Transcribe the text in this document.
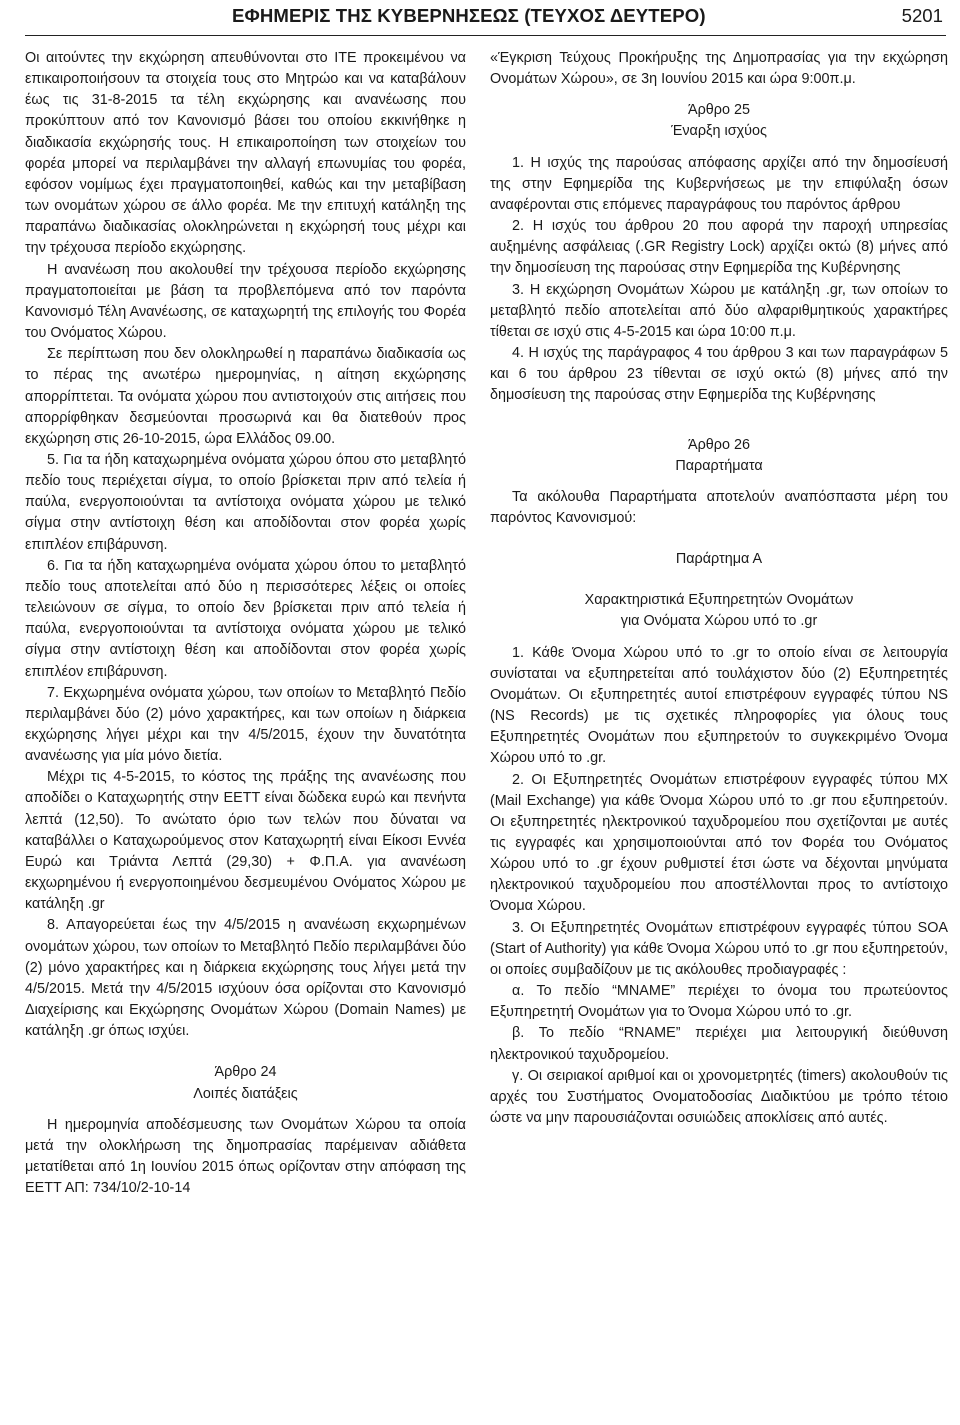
ΕΦΗΜΕΡΙΣ ΤΗΣ ΚΥΒΕΡΝΗΣΕΩΣ (ΤΕΥΧΟΣ ΔΕΥΤΕΡΟ)	5201

Οι αιτούντες την εκχώρηση απευθύνονται στο ΙΤΕ προκειμένου να επικαιροποιήσουν τα στοιχεία τους στο Μητρώο και να καταβάλουν έως τις 31-8-2015 τα τέλη εκχώρησης και ανανέωσης που προκύπτουν από τον Κανονισμό βάσει του οποίου εκκινήθηκε η διαδικασία εκχώρησής τους. Η επικαιροποίηση των στοιχείων του φορέα μπορεί να περιλαμβάνει την αλλαγή επωνυμίας του φορέα, εφόσον νομίμως έχει πραγματοποιηθεί, καθώς και την μεταβίβαση των ονομάτων χώρου σε άλλο φορέα. Με την επιτυχή κατάληξη της παραπάνω διαδικασίας ολοκληρώνεται η εκχώρησή τους μέχρι και την τρέχουσα περίοδο εκχώρησης.

Η ανανέωση που ακολουθεί την τρέχουσα περίοδο εκχώρησης πραγματοποιείται με βάση τα προβλεπόμενα από τον παρόντα Κανονισμό Τέλη Ανανέωσης, σε καταχωρητή της επιλογής του Φορέα του Ονόματος Χώρου.

Σε περίπτωση που δεν ολοκληρωθεί η παραπάνω διαδικασία ως το πέρας της ανωτέρω ημερομηνίας, η αίτηση εκχώρησης απορρίπτεται. Τα ονόματα χώρου που αντιστοιχούν στις αιτήσεις που απορρίφθηκαν δεσμεύονται προσωρινά και θα διατεθούν προς εκχώρηση στις 26-10-2015, ώρα Ελλάδος 09.00.

5. Για τα ήδη καταχωρημένα ονόματα χώρου όπου στο μεταβλητό πεδίο τους περιέχεται σίγμα, το οποίο βρίσκεται πριν από τελεία ή παύλα, ενεργοποιούνται τα αντίστοιχα ονόματα χώρου με τελικό σίγμα στην αντίστοιχη θέση και αποδίδονται στον φορέα χωρίς επιπλέον επιβάρυνση.

6. Για τα ήδη καταχωρημένα ονόματα χώρου όπου το μεταβλητό πεδίο τους αποτελείται από δύο η περισσότερες λέξεις οι οποίες τελειώνουν σε σίγμα, το οποίο δεν βρίσκεται πριν από τελεία ή παύλα, ενεργοποιούνται τα αντίστοιχα ονόματα χώρου με τελικό σίγμα στην αντίστοιχη θέση και αποδίδονται στον φορέα χωρίς επιπλέον επιβάρυνση.

7. Εκχωρημένα ονόματα χώρου, των οποίων το Μεταβλητό Πεδίο περιλαμβάνει δύο (2) μόνο χαρακτήρες, και των οποίων η διάρκεια εκχώρησης λήγει μέχρι και την 4/5/2015, έχουν την δυνατότητα ανανέωσης για μία μόνο διετία.

Μέχρι τις 4-5-2015, το κόστος της πράξης της ανανέωσης που αποδίδει ο Καταχωρητής στην ΕΕΤΤ είναι δώδεκα ευρώ και πενήντα λεπτά (12,50). Το ανώτατο όριο των τελών που δύναται να καταβάλλει ο Καταχωρούμενος στον Καταχωρητή είναι Είκοσι Εννέα Ευρώ και Τριάντα Λεπτά (29,30) + Φ.Π.Α. για ανανέωση εκχωρημένου ή ενεργοποιημένου δεσμευμένου Ονόματος Χώρου με κατάληξη .gr

8. Απαγορεύεται έως την 4/5/2015 η ανανέωση εκχωρημένων ονομάτων χώρου, των οποίων το Μεταβλητό Πεδίο περιλαμβάνει δύο (2) μόνο χαρακτήρες και η διάρκεια εκχώρησης τους λήγει μετά την 4/5/2015. Μετά την 4/5/2015 ισχύουν όσα ορίζονται στο Κανονισμό Διαχείρισης και Εκχώρησης Ονομάτων Χώρου (Domain Names) με κατάληξη .gr όπως ισχύει.

Άρθρο 24

Λοιπές διατάξεις

Η ημερομηνία αποδέσμευσης των Ονομάτων Χώρου τα οποία μετά την ολοκλήρωση της δημοπρασίας παρέμειναν αδιάθετα μετατίθεται από 1η Ιουνίου 2015 όπως ορίζονταν στην απόφαση της ΕΕΤΤ ΑΠ: 734/10/2-10-14

«Έγκριση Τεύχους Προκήρυξης της Δημοπρασίας για την εκχώρηση Ονομάτων Χώρου», σε 3η Ιουνίου 2015 και ώρα 9:00π.μ.

Άρθρο 25

Έναρξη ισχύος

1. Η ισχύς της παρούσας απόφασης αρχίζει από την δημοσίευσή της στην Εφημερίδα της Κυβερνήσεως με την επιφύλαξη όσων αναφέρονται στις επόμενες παραγράφους του παρόντος άρθρου

2. Η ισχύς του άρθρου 20 που αφορά την παροχή υπηρεσίας αυξημένης ασφάλειας (.GR Registry Lock) αρχίζει οκτώ (8) μήνες από την δημοσίευση της παρούσας στην Εφημερίδα της Κυβέρνησης

3. Η εκχώρηση Ονομάτων Χώρου με κατάληξη .gr, των οποίων το μεταβλητό πεδίο αποτελείται από δύο αλφαριθμητικούς χαρακτήρες τίθεται σε ισχύ στις 4-5-2015 και ώρα 10:00 π.μ.

4. Η ισχύς της παράγραφος 4 του άρθρου 3 και των παραγράφων 5 και 6 του άρθρου 23 τίθενται σε ισχύ οκτώ (8) μήνες από την δημοσίευση της παρούσας στην Εφημερίδα της Κυβέρνησης

Άρθρο 26

Παραρτήματα

Τα ακόλουθα Παραρτήματα αποτελούν αναπόσπαστα μέρη του παρόντος Κανονισμού:

Παράρτημα Α

Χαρακτηριστικά Εξυπηρετητών Ονομάτων

για Ονόματα Χώρου υπό το .gr

1. Κάθε Όνομα Χώρου υπό το .gr το οποίο είναι σε λειτουργία συνίσταται να εξυπηρετείται από τουλάχιστον δύο (2) Εξυπηρετητές Ονομάτων. Οι εξυπηρετητές αυτοί επιστρέφουν εγγραφές τύπου NS (NS Records) με τις σχετικές πληροφορίες για όλους τους Εξυπηρετητές Ονομάτων που εξυπηρετούν το συγκεκριμένο Όνομα Χώρου υπό το .gr.

2. Οι Εξυπηρετητές Ονομάτων επιστρέφουν εγγραφές τύπου MX (Mail Exchange) για κάθε Όνομα Χώρου υπό το .gr που εξυπηρετούν. Οι εξυπηρετητές ηλεκτρονικού ταχυδρομείου που σχετίζονται με αυτές τις εγγραφές και χρησιμοποιούνται από τον Φορέα του Ονόματος Χώρου υπό το .gr έχουν ρυθμιστεί έτσι ώστε να δέχονται μηνύματα ηλεκτρονικού ταχυδρομείου που αποστέλλονται προς το αντίστοιχο Όνομα Χώρου.

3. Οι Εξυπηρετητές Ονομάτων επιστρέφουν εγγραφές τύπου SOA (Start of Authority) για κάθε Όνομα Χώρου υπό το .gr που εξυπηρετούν, οι οποίες συμβαδίζουν με τις ακόλουθες προδιαγραφές :

α. Το πεδίο “MNAME” περιέχει το όνομα του πρωτεύοντος Εξυπηρετητή Ονομάτων για το Όνομα Χώρου υπό το .gr.

β. Το πεδίο “RNAME” περιέχει μια λειτουργική διεύθυνση ηλεκτρονικού ταχυδρομείου.

γ. Οι σειριακοί αριθμοί και οι χρονομετρητές (timers) ακολουθούν τις αρχές του Συστήματος Ονοματοδοσίας Διαδικτύου με τρόπο τέτοιο ώστε να μην παρουσιάζονται οσυιώδεις αποκλίσεις από αυτές.
